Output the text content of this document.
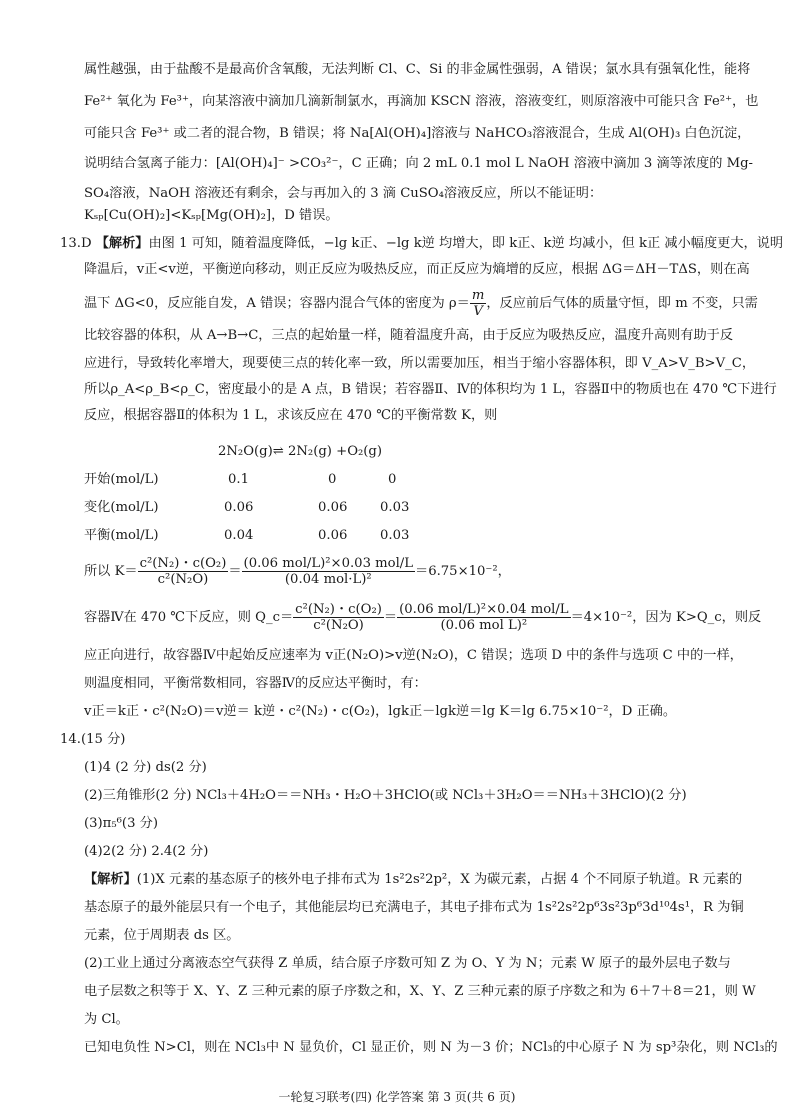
属性越强，由于盐酸不是最高价含氧酸，无法判断 Cl、C、Si 的非金属性强弱，A 错误；氯水具有强氧化性，能将
Fe²⁺ 氧化为 Fe³⁺，向某溶液中滴加几滴新制氯水，再滴加 KSCN 溶液，溶液变红，则原溶液中可能只含 Fe²⁺，也
可能只含 Fe³⁺ 或二者的混合物，B 错误；将 Na[Al(OH)₄]溶液与 NaHCO₃溶液混合，生成 Al(OH)₃ 白色沉淀，
说明结合氢离子能力：[Al(OH)₄]⁻ >CO₃²⁻，C 正确；向 2 mL 0.1 mol L NaOH 溶液中滴加 3 滴等浓度的 Mg-
SO₄溶液，NaOH 溶液还有剩余，会与再加入的 3 滴 CuSO₄溶液反应，所以不能证明：
Kₛₚ[Cu(OH)₂]<Kₛₚ[Mg(OH)₂]，D 错误。
13.D 【解析】由图 1 可知，随着温度降低，−lg k正、−lg k逆 均增大，即 k正、k逆 均减小，但 k正 减小幅度更大，说明
降温后，v正<v逆，平衡逆向移动，则正反应为吸热反应，而正反应为熵增的反应，根据 ΔG＝ΔH－TΔS，则在高
温下 ΔG<0，反应能自发，A 错误；容器内混合气体的密度为 $\rho= \frac{m}{V}$ ，反应前后气体的质量守恒，即 m 不变，只需
比较容器的体积，从 A→B→C，三点的起始量一样，随着温度升高，由于反应为吸热反应，温度升高则有助于反
应进行，导致转化率增大，现要使三点的转化率一致，所以需要加压，相当于缩小容器体积，即 V_A>V_B>V_C，
所以ρ_A<ρ_B<ρ_C，密度最小的是 A 点，B 错误；若容器Ⅱ、Ⅳ的体积均为 1 L，容器Ⅱ中的物质也在 470 ℃下进行
反应，根据容器Ⅱ的体积为 1 L，求该反应在 470 ℃的平衡常数 K，则
2N₂O(g)⇌ 2N₂(g) +O₂(g)
开始(mol/L)	0.1	0	0
变化(mol/L)	0.06	0.06 0.03
平衡(mol/L)	0.04	0.06 0.03
所以 $K= \frac{\text{c²(N₂)・c(O₂)}}{\text{c²(N₂O)}} = \frac{\text{(0.06 mol/L)²×0.03 mol/L}}{\text{(0.04 mol·L)²}} =6.75\times 10^{-2}$，
容器Ⅳ在 470 ℃下反应，则 Q_c＝ $\frac{\text{c²(N₂)・c(O₂)}}{\text{c²(N₂O)}} = \frac{\text{(0.06 mol/L)²×0.04 mol/L}}{\text{(0.06 mol L)²}} =4\times 10^{-2}$，因为 K>Q_c，则反
应正向进行，故容器Ⅳ中起始反应速率为 v正(N₂O)>v逆(N₂O)，C 错误；选项 D 中的条件与选项 C 中的一样，
则温度相同，平衡常数相同，容器Ⅳ的反应达平衡时，有：
v正＝k正・c²(N₂O)＝v逆＝ k逆・c²(N₂)・c(O₂)，lgk正－lgk逆＝lg K＝lg 6.75×10⁻²，D 正确。
14.(15 分)
(1)4 (2 分) ds(2 分)
(2)三角锥形(2 分) NCl₃＋4H₂O＝＝NH₃・H₂O＋3HClO(或 NCl₃＋3H₂O＝＝NH₃＋3HClO)(2 分)
(3)π₅⁶(3 分)
(4)2(2 分) 2.4(2 分)
【解析】(1)X 元素的基态原子的核外电子排布式为 1s²2s²2p²，X 为碳元素，占据 4 个不同原子轨道。R 元素的
基态原子的最外能层只有一个电子，其他能层均已充满电子，其电子排布式为 1s²2s²2p⁶3s²3p⁶3d¹⁰4s¹，R 为铜
元素，位于周期表 ds 区。
(2)工业上通过分离液态空气获得 Z 单质，结合原子序数可知 Z 为 O、Y 为 N；元素 W 原子的最外层电子数与
电子层数之积等于 X、Y、Z 三种元素的原子序数之和，X、Y、Z 三种元素的原子序数之和为 6＋7＋8＝21，则 W
为 Cl。
已知电负性 N>Cl，则在 NCl₃中 N 显负价，Cl 显正价，则 N 为－3 价；NCl₃的中心原子 N 为 sp³杂化，则 NCl₃的
一轮复习联考(四) 化学答案 第 3 页(共 6 页)
